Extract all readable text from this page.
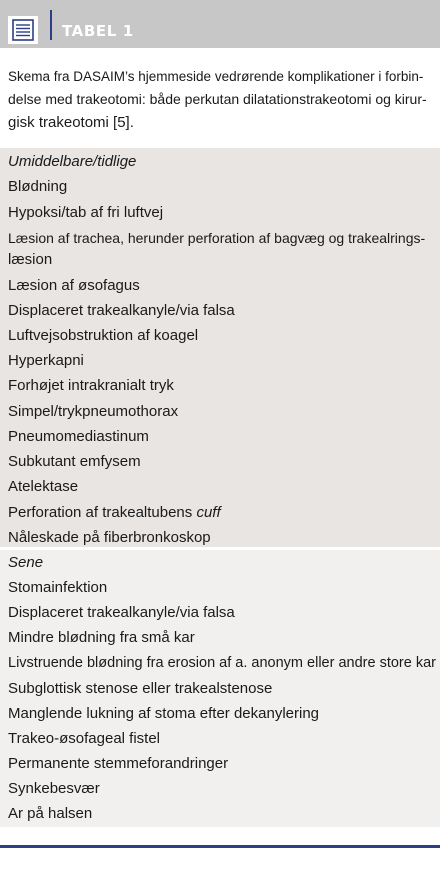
TABEL 1

Skema fra DASAIM’s hjemmeside vedrørende komplikationer i forbin-
delse med trakeotomi: både perkutan dilatationstrakeotomi og kirur-
gisk trakeotomi [5].

Umiddelbare/tidlige
Blødning
Hypoksi/tab af fri luftvej
Læsion af trachea, herunder perforation af bagvæg og trakealrings-
læsion
Læsion af øsofagus
Displaceret trakealkanyle/via falsa
Luftvejsobstruktion af koagel
Hyperkapni
Forhøjet intrakranialt tryk
Simpel/trykpneumothorax
Pneumomediastinum
Subkutant emfysem
Atelektase
Perforation af trakealtubens cuff
Nåleskade på fiberbronkoskop
Sene
Stomainfektion
Displaceret trakealkanyle/via falsa
Mindre blødning fra små kar
Livstruende blødning fra erosion af a. anonym eller andre store kar
Subglottisk stenose eller trakealstenose
Manglende lukning af stoma efter dekanylering
Trakeo-øsofageal fistel
Permanente stemmeforandringer
Synkebesvær
Ar på halsen
